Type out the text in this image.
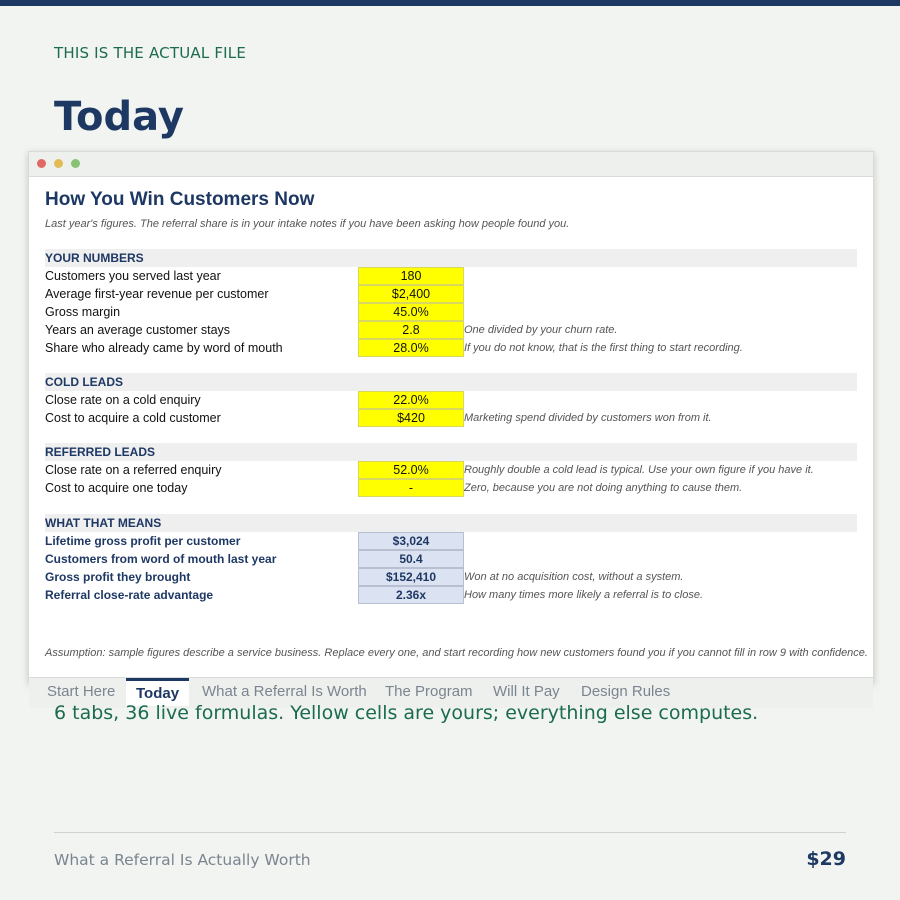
THIS IS THE ACTUAL FILE
Today
How You Win Customers Now
Last year's figures. The referral share is in your intake notes if you have been asking how people found you.
YOUR NUMBERS
Customers you served last year	180
Average first-year revenue per customer	$2,400
Gross margin	45.0%
Years an average customer stays	2.8	One divided by your churn rate.
Share who already came by word of mouth	28.0%	If you do not know, that is the first thing to start recording.
COLD LEADS
Close rate on a cold enquiry	22.0%
Cost to acquire a cold customer	$420	Marketing spend divided by customers won from it.
REFERRED LEADS
Close rate on a referred enquiry	52.0%	Roughly double a cold lead is typical. Use your own figure if you have it.
Cost to acquire one today	-	Zero, because you are not doing anything to cause them.
WHAT THAT MEANS
Lifetime gross profit per customer	$3,024
Customers from word of mouth last year	50.4
Gross profit they brought	$152,410	Won at no acquisition cost, without a system.
Referral close-rate advantage	2.36x	How many times more likely a referral is to close.
Assumption: sample figures describe a service business. Replace every one, and start recording how new customers found you if you cannot fill in row 9 with confidence.
Start Here	Today	What a Referral Is Worth The Program Will It Pay Design Rules
6 tabs, 36 live formulas. Yellow cells are yours; everything else computes.
What a Referral Is Actually Worth	$29
